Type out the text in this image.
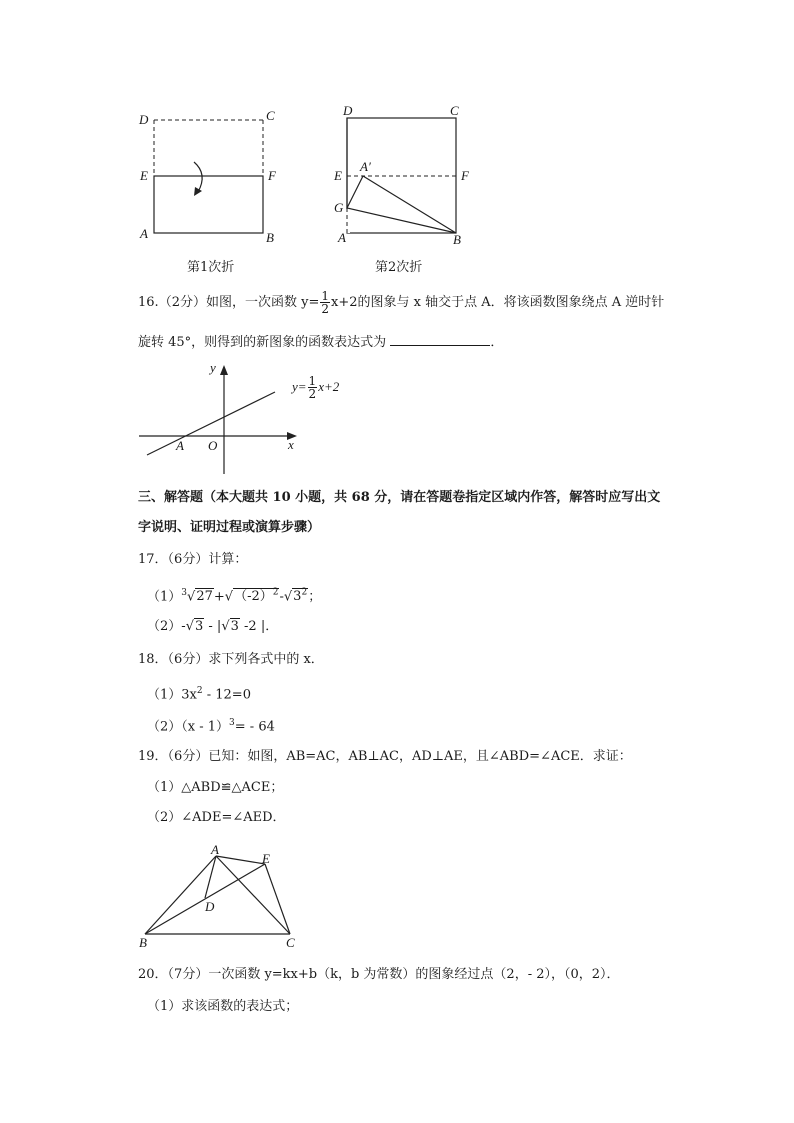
D	C
E	F
A	B
第1次折
D	C
A′
E	F
G
A	B
第2次折
16.（2分）如图，一次函数 $y= \frac{1}{2} x+2$的图象与 x 轴交于点 A．将该函数图象绕点 A 逆时针
旋转 45°，则得到的新图象的函数表达式为	．
y
x
O
A
$y= \frac{1}{2} x+2$
三、解答题（本大题共 10 小题，共 68 分，请在答题卷指定区域内作答，解答时应写出文
字说明、证明过程或演算步骤）
17．（6分）计算：
$(1)^3√27+√(-2)^2-√3^2$；
（2）-√3 - |√3 -2 |．
18．（6分）求下列各式中的 x．
$(1)3x^2 - 12=0$
（2）（x - 1）$^3$= - 64
19．（6分）已知：如图，AB=AC，AB⊥AC，AD⊥AE，且∠ABD=∠ACE．求证：
（1）△ABD≌△ACE；
（2）∠ADE=∠AED．
A
E
D
B	C
20．（7分）一次函数 y=kx+b（k，b 为常数）的图象经过点（2，- 2），（0，2）．
（1）求该函数的表达式；
